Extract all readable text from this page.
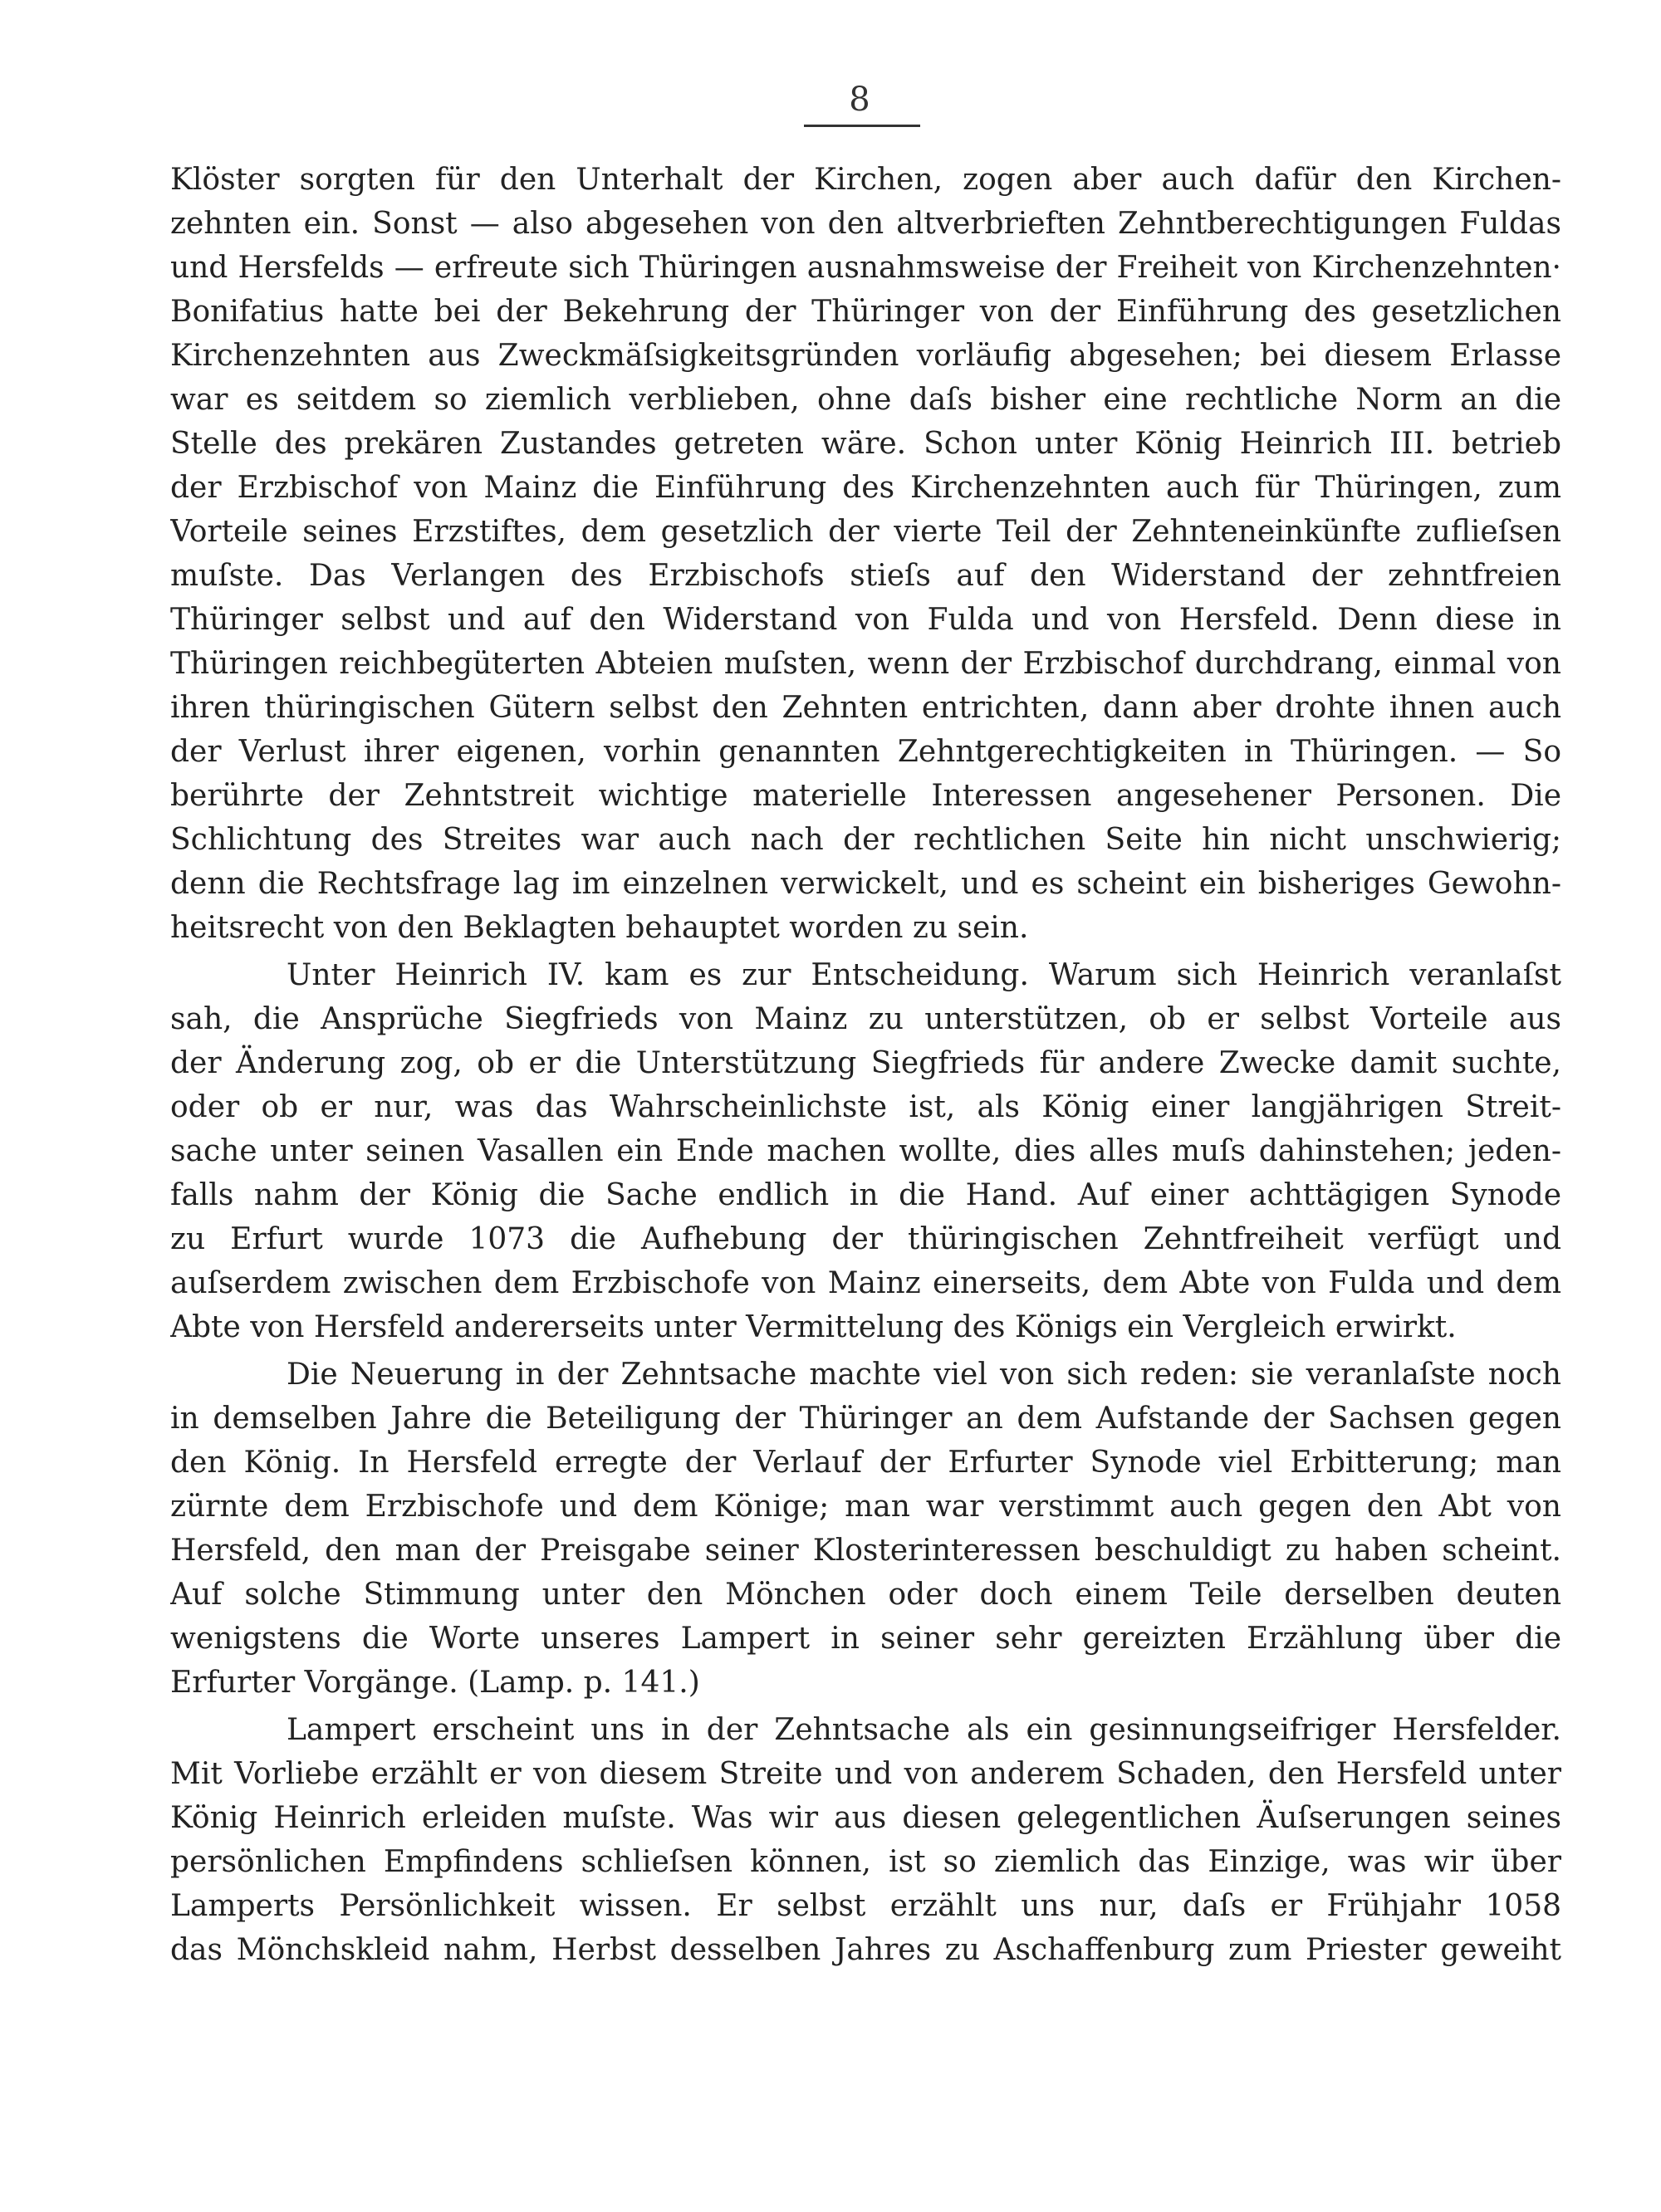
8
Klöster sorgten für den Unterhalt der Kirchen, zogen aber auch dafür den Kirchen-
zehnten ein. Sonst — also abgesehen von den altverbrieften Zehntberechtigungen Fuldas
und Hersfelds — erfreute sich Thüringen ausnahmsweise der Freiheit von Kirchenzehnten·
Bonifatius hatte bei der Bekehrung der Thüringer von der Einführung des gesetzlichen
Kirchenzehnten aus Zweckmäſsigkeitsgründen vorläufig abgesehen; bei diesem Erlasse
war es seitdem so ziemlich verblieben, ohne daſs bisher eine rechtliche Norm an die
Stelle des prekären Zustandes getreten wäre. Schon unter König Heinrich III. betrieb
der Erzbischof von Mainz die Einführung des Kirchenzehnten auch für Thüringen, zum
Vorteile seines Erzstiftes, dem gesetzlich der vierte Teil der Zehnteneinkünfte zuflieſsen
muſste. Das Verlangen des Erzbischofs stieſs auf den Widerstand der zehntfreien
Thüringer selbst und auf den Widerstand von Fulda und von Hersfeld. Denn diese in
Thüringen reichbegüterten Abteien muſsten, wenn der Erzbischof durchdrang, einmal von
ihren thüringischen Gütern selbst den Zehnten entrichten, dann aber drohte ihnen auch
der Verlust ihrer eigenen, vorhin genannten Zehntgerechtigkeiten in Thüringen. — So
berührte der Zehntstreit wichtige materielle Interessen angesehener Personen. Die
Schlichtung des Streites war auch nach der rechtlichen Seite hin nicht unschwierig;
denn die Rechtsfrage lag im einzelnen verwickelt, und es scheint ein bisheriges Gewohn-
heitsrecht von den Beklagten behauptet worden zu sein.
Unter Heinrich IV. kam es zur Entscheidung. Warum sich Heinrich veranlaſst
sah, die Ansprüche Siegfrieds von Mainz zu unterstützen, ob er selbst Vorteile aus
der Änderung zog, ob er die Unterstützung Siegfrieds für andere Zwecke damit suchte,
oder ob er nur, was das Wahrscheinlichste ist, als König einer langjährigen Streit-
sache unter seinen Vasallen ein Ende machen wollte, dies alles muſs dahinstehen; jeden-
falls nahm der König die Sache endlich in die Hand. Auf einer achttägigen Synode
zu Erfurt wurde 1073 die Aufhebung der thüringischen Zehntfreiheit verfügt und
auſserdem zwischen dem Erzbischofe von Mainz einerseits, dem Abte von Fulda und dem
Abte von Hersfeld andererseits unter Vermittelung des Königs ein Vergleich erwirkt.
Die Neuerung in der Zehntsache machte viel von sich reden: sie veranlaſste noch
in demselben Jahre die Beteiligung der Thüringer an dem Aufstande der Sachsen gegen
den König. In Hersfeld erregte der Verlauf der Erfurter Synode viel Erbitterung; man
zürnte dem Erzbischofe und dem Könige; man war verstimmt auch gegen den Abt von
Hersfeld, den man der Preisgabe seiner Klosterinteressen beschuldigt zu haben scheint.
Auf solche Stimmung unter den Mönchen oder doch einem Teile derselben deuten
wenigstens die Worte unseres Lampert in seiner sehr gereizten Erzählung über die
Erfurter Vorgänge. (Lamp. p. 141.)
Lampert erscheint uns in der Zehntsache als ein gesinnungseifriger Hersfelder.
Mit Vorliebe erzählt er von diesem Streite und von anderem Schaden, den Hersfeld unter
König Heinrich erleiden muſste. Was wir aus diesen gelegentlichen Äuſserungen seines
persönlichen Empfindens schlieſsen können, ist so ziemlich das Einzige, was wir über
Lamperts Persönlichkeit wissen. Er selbst erzählt uns nur, daſs er Frühjahr 1058
das Mönchskleid nahm, Herbst desselben Jahres zu Aschaffenburg zum Priester geweiht
